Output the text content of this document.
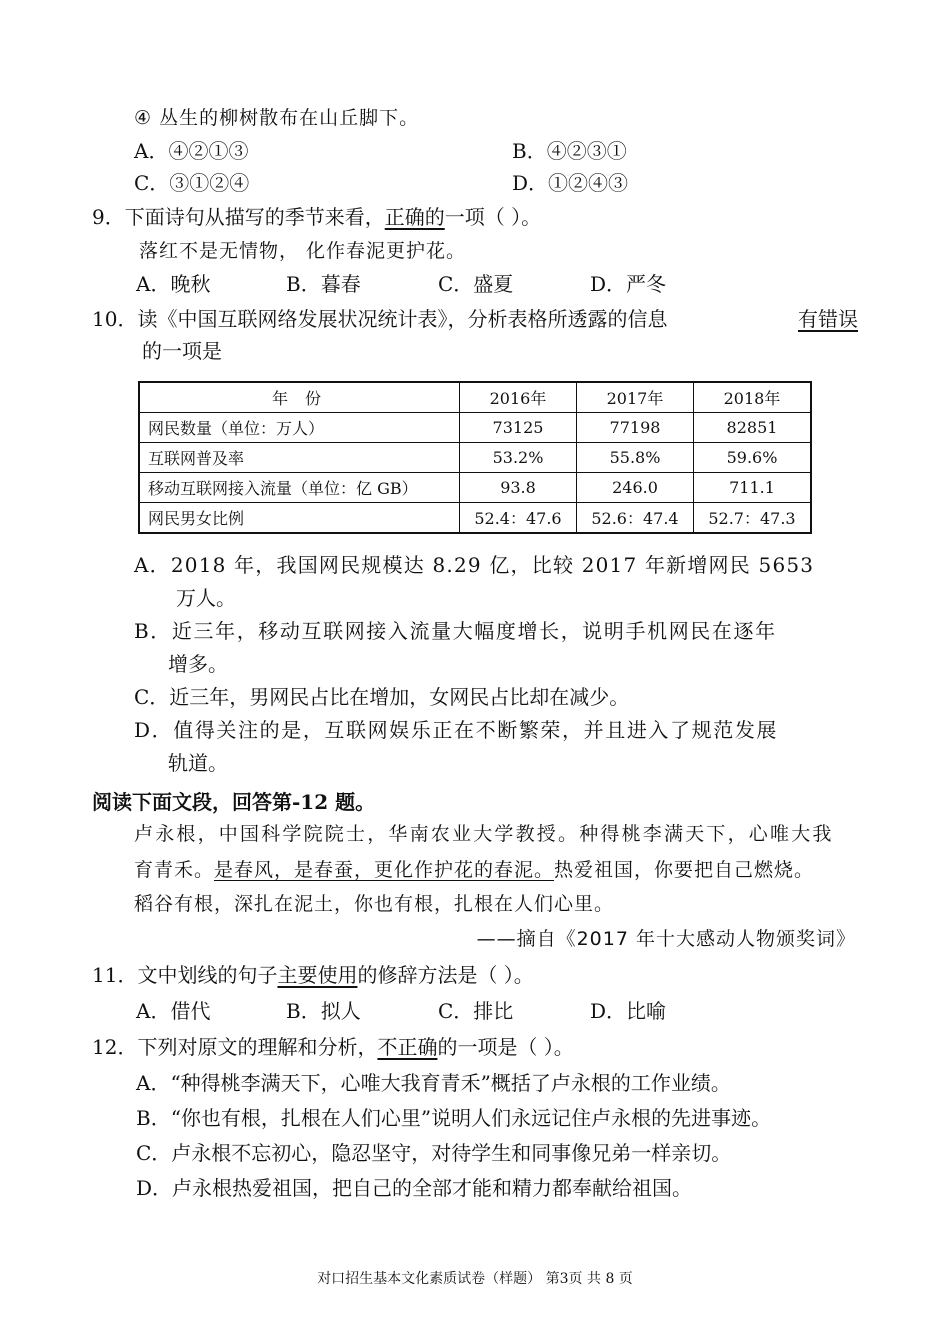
④ 丛生的柳树散布在山丘脚下。
A．④②①③	B．④②③①
C．③①②④	D．①②④③
9．下面诗句从描写的季节来看，正确的一项（ ）。
落红不是无情物， 化作春泥更护花。
A．晚秋	B．暮春	C．盛夏	D．严冬
10．读《中国互联网络发展状况统计表》，分析表格所透露的信息	有错误
的一项是
年 份	2016年	2017年	2018年
网民数量（单位：万人）	73125	77198	82851
互联网普及率	53.2%	55.8%	59.6%
移动互联网接入流量（单位：亿 GB）	93.8	246.0	711.1
网民男女比例	52.4：47.6	52.6：47.4	52.7：47.3
A．2018 年，我国网民规模达 8.29 亿，比较 2017 年新增网民 5653
万人。
B．近三年，移动互联网接入流量大幅度增长，说明手机网民在逐年
增多。
C．近三年，男网民占比在增加，女网民占比却在减少。
D．值得关注的是，互联网娱乐正在不断繁荣，并且进入了规范发展
轨道。
阅读下面文段，回答第-12 题。
卢永根，中国科学院院士，华南农业大学教授。种得桃李满天下，心唯大我
育青禾。是春风，是春蚕，更化作护花的春泥。热爱祖国，你要把自己燃烧。
稻谷有根，深扎在泥土，你也有根，扎根在人们心里。
——摘自《2017 年十大感动人物颁奖词》
11．文中划线的句子主要使用的修辞方法是（ ）。
A．借代	B．拟人	C．排比	D．比喻
12．下列对原文的理解和分析，不正确的一项是（ ）。
A．“种得桃李满天下，心唯大我育青禾”概括了卢永根的工作业绩。
B．“你也有根，扎根在人们心里”说明人们永远记住卢永根的先进事迹。
C．卢永根不忘初心，隐忍坚守，对待学生和同事像兄弟一样亲切。
D．卢永根热爱祖国，把自己的全部才能和精力都奉献给祖国。
对口招生基本文化素质试卷（样题） 第3页 共 8 页
